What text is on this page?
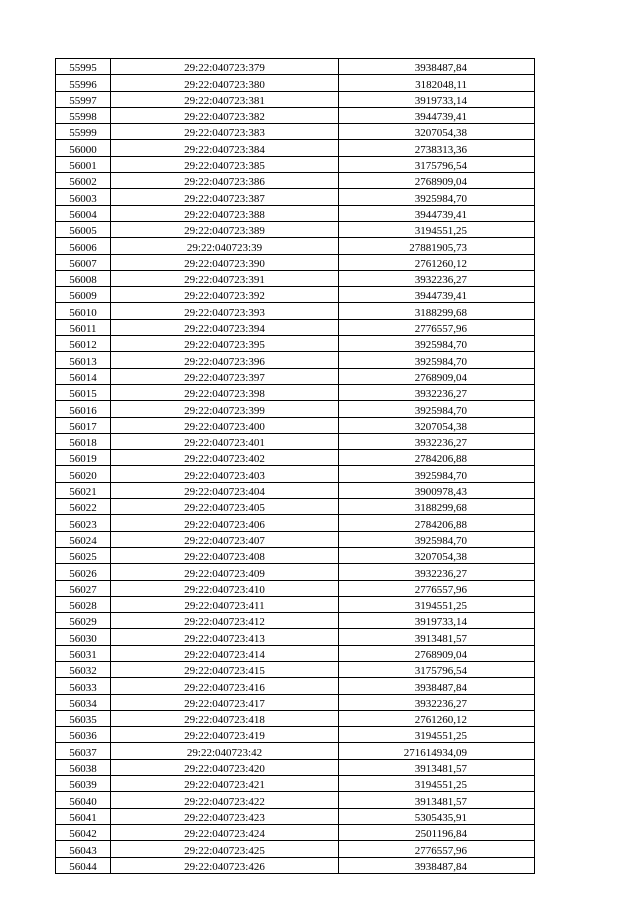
55995	29:22:040723:379	3938487,84
55996	29:22:040723:380	3182048,11
55997	29:22:040723:381	3919733,14
55998	29:22:040723:382	3944739,41
55999	29:22:040723:383	3207054,38
56000	29:22:040723:384	2738313,36
56001	29:22:040723:385	3175796,54
56002	29:22:040723:386	2768909,04
56003	29:22:040723:387	3925984,70
56004	29:22:040723:388	3944739,41
56005	29:22:040723:389	3194551,25
56006	29:22:040723:39	27881905,73
56007	29:22:040723:390	2761260,12
56008	29:22:040723:391	3932236,27
56009	29:22:040723:392	3944739,41
56010	29:22:040723:393	3188299,68
56011	29:22:040723:394	2776557,96
56012	29:22:040723:395	3925984,70
56013	29:22:040723:396	3925984,70
56014	29:22:040723:397	2768909,04
56015	29:22:040723:398	3932236,27
56016	29:22:040723:399	3925984,70
56017	29:22:040723:400	3207054,38
56018	29:22:040723:401	3932236,27
56019	29:22:040723:402	2784206,88
56020	29:22:040723:403	3925984,70
56021	29:22:040723:404	3900978,43
56022	29:22:040723:405	3188299,68
56023	29:22:040723:406	2784206,88
56024	29:22:040723:407	3925984,70
56025	29:22:040723:408	3207054,38
56026	29:22:040723:409	3932236,27
56027	29:22:040723:410	2776557,96
56028	29:22:040723:411	3194551,25
56029	29:22:040723:412	3919733,14
56030	29:22:040723:413	3913481,57
56031	29:22:040723:414	2768909,04
56032	29:22:040723:415	3175796,54
56033	29:22:040723:416	3938487,84
56034	29:22:040723:417	3932236,27
56035	29:22:040723:418	2761260,12
56036	29:22:040723:419	3194551,25
56037	29:22:040723:42	271614934,09
56038	29:22:040723:420	3913481,57
56039	29:22:040723:421	3194551,25
56040	29:22:040723:422	3913481,57
56041	29:22:040723:423	5305435,91
56042	29:22:040723:424	2501196,84
56043	29:22:040723:425	2776557,96
56044	29:22:040723:426	3938487,84
